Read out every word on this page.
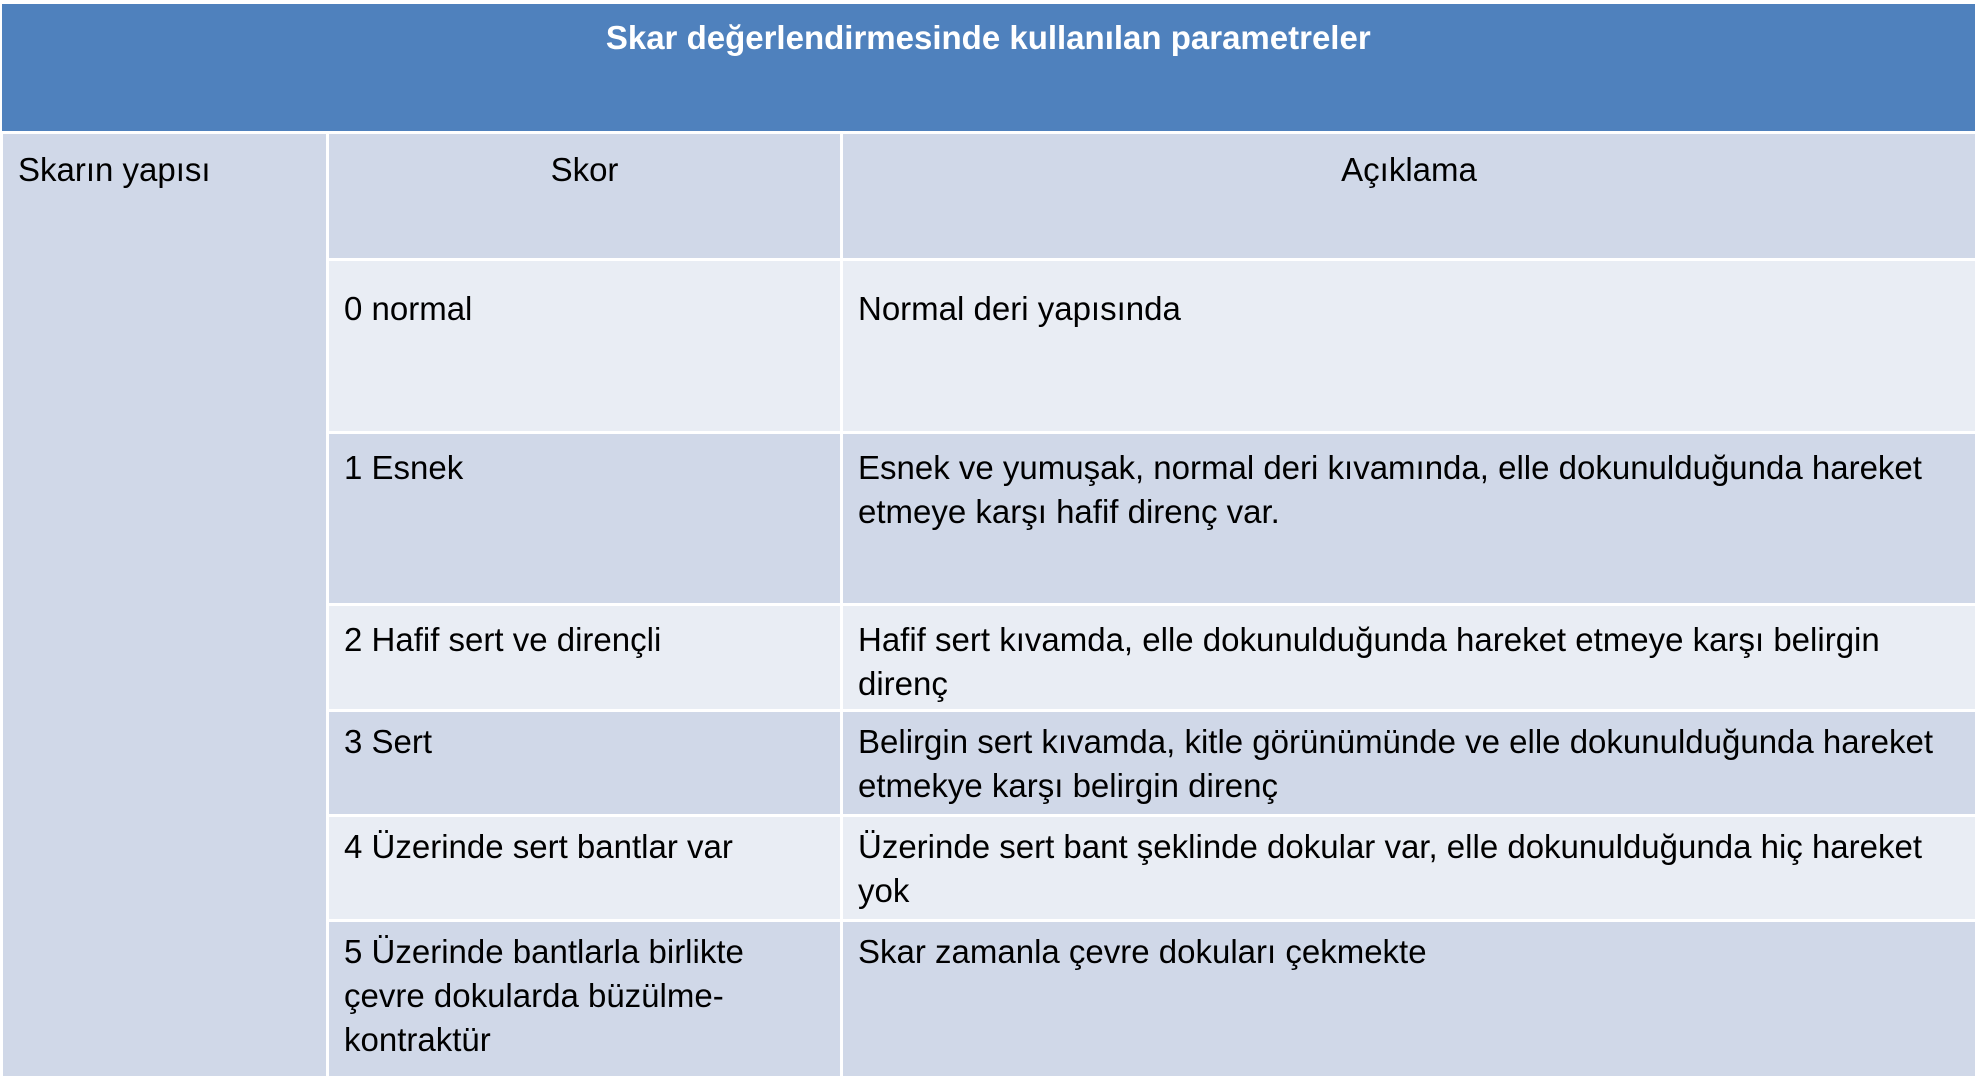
Skar değerlendirmesinde kullanılan parametreler		
Skarın yapısı	Skor	Açıklama
	0 normal	Normal deri yapısında
	1 Esnek	Esnek ve yumuşak, normal deri kıvamında, elle dokunulduğunda hareket etmeye karşı hafif direnç var.
	2 Hafif sert ve dirençli	Hafif sert kıvamda, elle dokunulduğunda hareket etmeye karşı belirgin direnç
	3 Sert	Belirgin sert kıvamda, kitle görünümünde ve elle dokunulduğunda hareket etmekye karşı belirgin direnç
	4 Üzerinde sert bantlar var	Üzerinde sert bant şeklinde dokular var, elle dokunulduğunda hiç hareket yok
	5 Üzerinde bantlarla birlikte çevre dokularda büzülme-kontraktür	Skar zamanla çevre dokuları çekmekte
